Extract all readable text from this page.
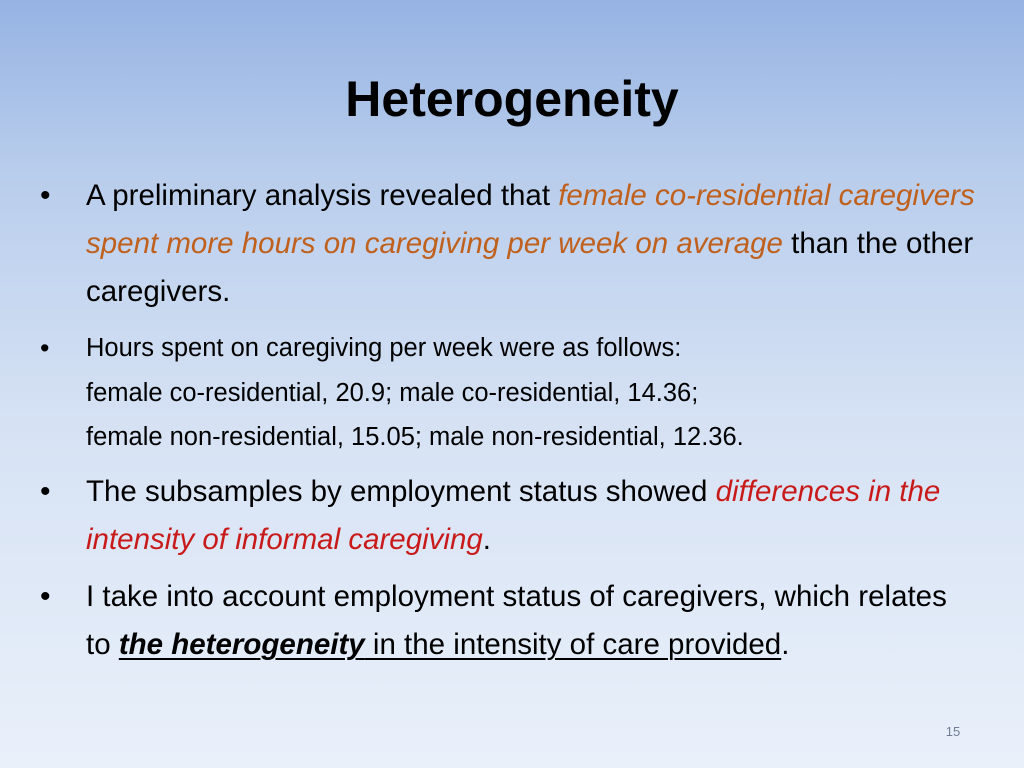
Heterogeneity
• A preliminary analysis revealed that female co-residential caregivers spent more hours on caregiving per week on average than the other caregivers.
• Hours spent on caregiving per week were as follows:
female co-residential, 20.9; male co-residential, 14.36;
female non-residential, 15.05; male non-residential, 12.36.
• The subsamples by employment status showed differences in the intensity of informal caregiving.
• I take into account employment status of caregivers, which relates to the heterogeneity in the intensity of care provided.
15
